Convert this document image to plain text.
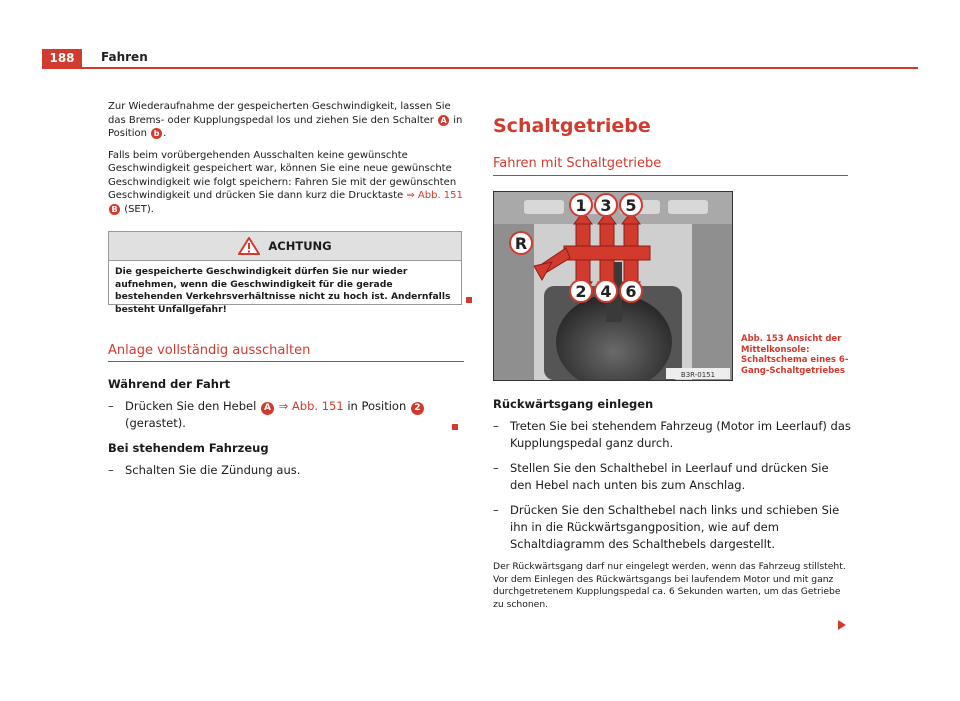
188	Fahren

Zur Wiederaufnahme der gespeicherten Geschwindigkeit, lassen Sie das Brems- oder Kupplungspedal los und ziehen Sie den Schalter A in Position b .

Falls beim vorübergehenden Ausschalten keine gewünschte Geschwindigkeit gespeichert war, können Sie eine neue gewünschte Geschwindigkeit wie folgt speichern: Fahren Sie mit der gewünschten Geschwindigkeit und drücken Sie dann kurz die Drucktaste ⇒ Abb. 151 B (SET).

ACHTUNG
Die gespeicherte Geschwindigkeit dürfen Sie nur wieder aufnehmen, wenn die Geschwindigkeit für die gerade bestehenden Verkehrsverhältnisse nicht zu hoch ist. Andernfalls besteht Unfallgefahr!
Anlage vollständig ausschalten
Während der Fahrt
– Drücken Sie den Hebel A ⇒ Abb. 151 in Position 2 (gerastet).
Bei stehendem Fahrzeug
– Schalten Sie die Zündung aus.
Schaltgetriebe
Fahren mit Schaltgetriebe
1 3 5
R
2 4 6
B3R-0151
Abb. 153 Ansicht der Mittelkonsole: Schaltschema eines 6-Gang-Schaltgetriebes
Rückwärtsgang einlegen
– Treten Sie bei stehendem Fahrzeug (Motor im Leerlauf) das Kupplungspedal ganz durch.
– Stellen Sie den Schalthebel in Leerlauf und drücken Sie den Hebel nach unten bis zum Anschlag.
– Drücken Sie den Schalthebel nach links und schieben Sie ihn in die Rückwärtsgangposition, wie auf dem Schaltdiagramm des Schalthebels dargestellt.
Der Rückwärtsgang darf nur eingelegt werden, wenn das Fahrzeug stillsteht. Vor dem Einlegen des Rückwärtsgangs bei laufendem Motor und mit ganz durchgetretenem Kupplungspedal ca. 6 Sekunden warten, um das Getriebe zu schonen.
